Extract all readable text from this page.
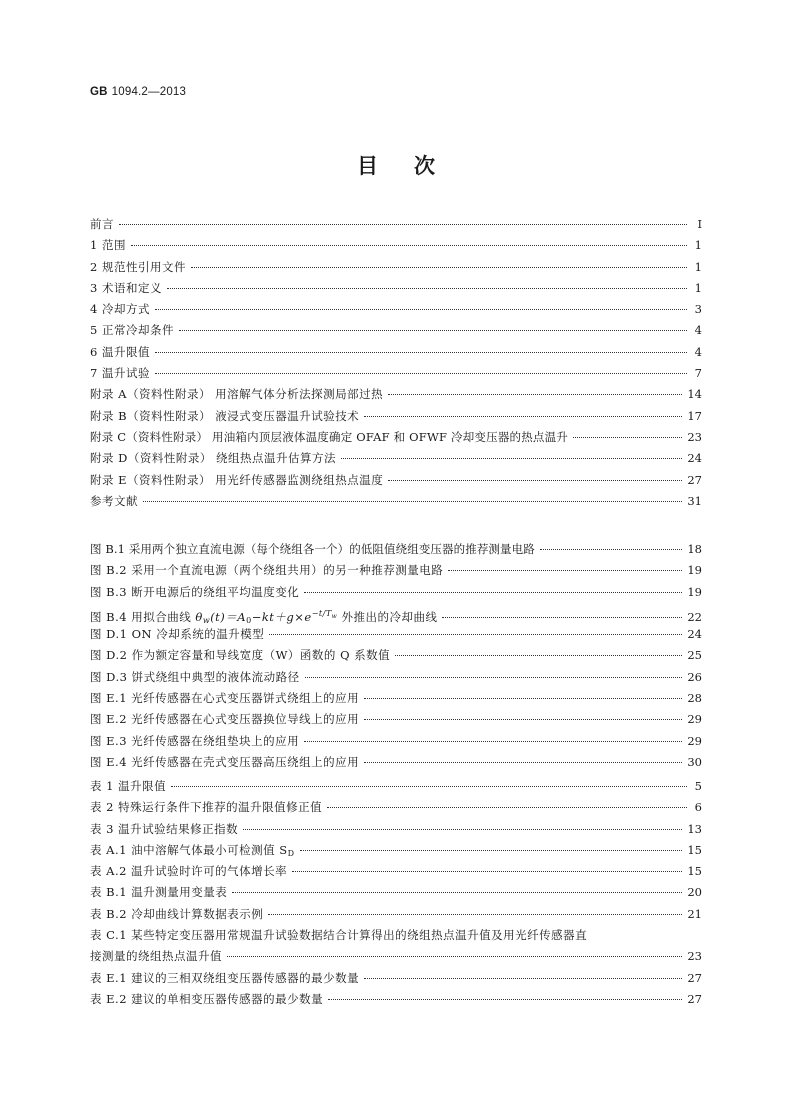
GB 1094.2—2013
目次
前言	Ⅰ
1 范围	1
2 规范性引用文件	1
3 术语和定义	1
4 冷却方式	3
5 正常冷却条件	4
6 温升限值	4
7 温升试验	7
附录 A（资料性附录） 用溶解气体分析法探测局部过热	14
附录 B（资料性附录） 液浸式变压器温升试验技术	17
附录 C（资料性附录） 用油箱内顶层液体温度确定 OFAF 和 OFWF 冷却变压器的热点温升	23
附录 D（资料性附录） 绕组热点温升估算方法	24
附录 E（资料性附录） 用光纤传感器监测绕组热点温度	27
参考文献	31
图 B.1 采用两个独立直流电源（每个绕组各一个）的低阻值绕组变压器的推荐测量电路	18
图 B.2 采用一个直流电源（两个绕组共用）的另一种推荐测量电路	19
图 B.3 断开电源后的绕组平均温度变化	19
图 B.4 用拟合曲线 $\theta_w(t)=A_0-kt+g\times e^{-t/Tw}$ 外推出的冷却曲线	22
图 D.1 ON 冷却系统的温升模型	24
图 D.2 作为额定容量和导线宽度（W）函数的 Q 系数值	25
图 D.3 饼式绕组中典型的液体流动路径	26
图 E.1 光纤传感器在心式变压器饼式绕组上的应用	28
图 E.2 光纤传感器在心式变压器换位导线上的应用	29
图 E.3 光纤传感器在绕组垫块上的应用	29
图 E.4 光纤传感器在壳式变压器高压绕组上的应用	30
表 1 温升限值	5
表 2 特殊运行条件下推荐的温升限值修正值	6
表 3 温升试验结果修正指数	13
表 A.1 油中溶解气体最小可检测值 $S_D$	15
表 A.2 温升试验时许可的气体增长率	15
表 B.1 温升测量用变量表	20
表 B.2 冷却曲线计算数据表示例	21
表 C.1 某些特定变压器用常规温升试验数据结合计算得出的绕组热点温升值及用光纤传感器直
接测量的绕组热点温升值	23
表 E.1 建议的三相双绕组变压器传感器的最少数量	27
表 E.2 建议的单相变压器传感器的最少数量	27
